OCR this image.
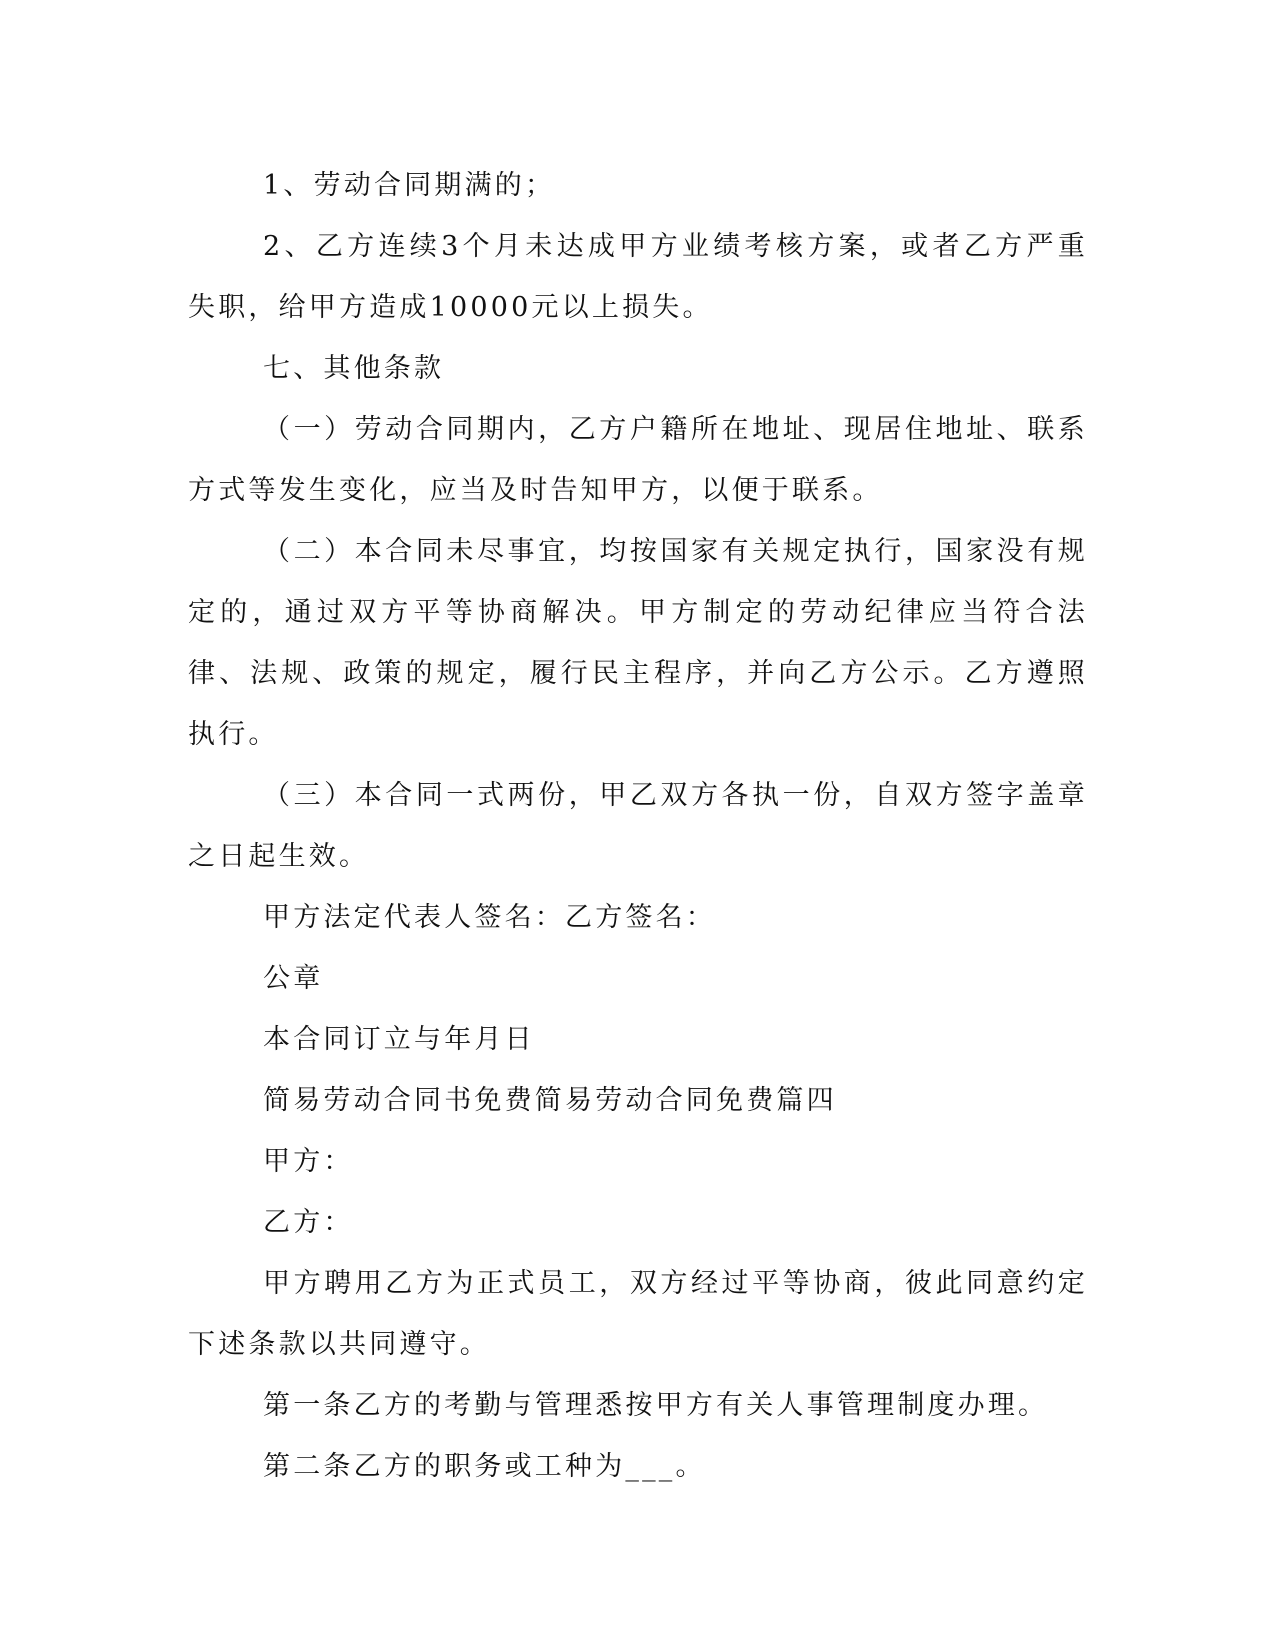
1、劳动合同期满的；

2、乙方连续3个月未达成甲方业绩考核方案，或者乙方严重失职，给甲方造成10000元以上损失。

七、其他条款

（一）劳动合同期内，乙方户籍所在地址、现居住地址、联系方式等发生变化，应当及时告知甲方，以便于联系。

（二）本合同未尽事宜，均按国家有关规定执行，国家没有规定的，通过双方平等协商解决。甲方制定的劳动纪律应当符合法律、法规、政策的规定，履行民主程序，并向乙方公示。乙方遵照执行。

（三）本合同一式两份，甲乙双方各执一份，自双方签字盖章之日起生效。

甲方法定代表人签名：乙方签名：

公章

本合同订立与年月日

简易劳动合同书免费简易劳动合同免费篇四

甲方：

乙方：

甲方聘用乙方为正式员工，双方经过平等协商，彼此同意约定下述条款以共同遵守。

第一条乙方的考勤与管理悉按甲方有关人事管理制度办理。

第二条乙方的职务或工种为___。
